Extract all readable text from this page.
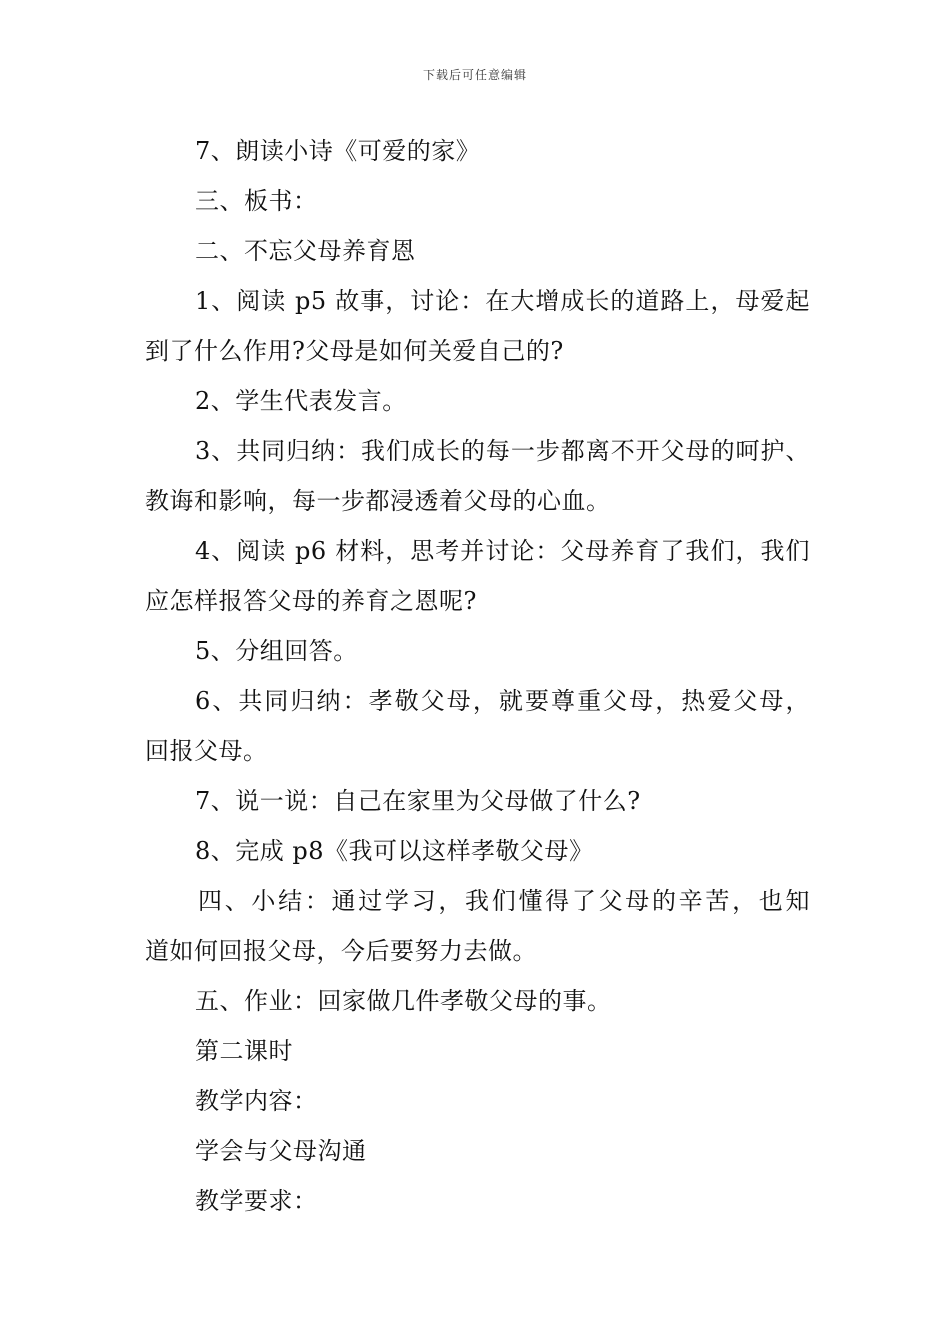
下载后可任意编辑
7、朗读小诗《可爱的家》
三、板书：
二、不忘父母养育恩
1、阅读 p5 故事，讨论：在大增成长的道路上，母爱起
到了什么作用?父母是如何关爱自己的?
2、学生代表发言。
3、共同归纳：我们成长的每一步都离不开父母的呵护、
教诲和影响，每一步都浸透着父母的心血。
4、阅读 p6 材料，思考并讨论：父母养育了我们，我们
应怎样报答父母的养育之恩呢?
5、分组回答。
6、共同归纳：孝敬父母，就要尊重父母，热爱父母，
回报父母。
7、说一说：自己在家里为父母做了什么?
8、完成 p8《我可以这样孝敬父母》
四、小结：通过学习，我们懂得了父母的辛苦，也知
道如何回报父母，今后要努力去做。
五、作业：回家做几件孝敬父母的事。
第二课时
教学内容：
学会与父母沟通
教学要求：
